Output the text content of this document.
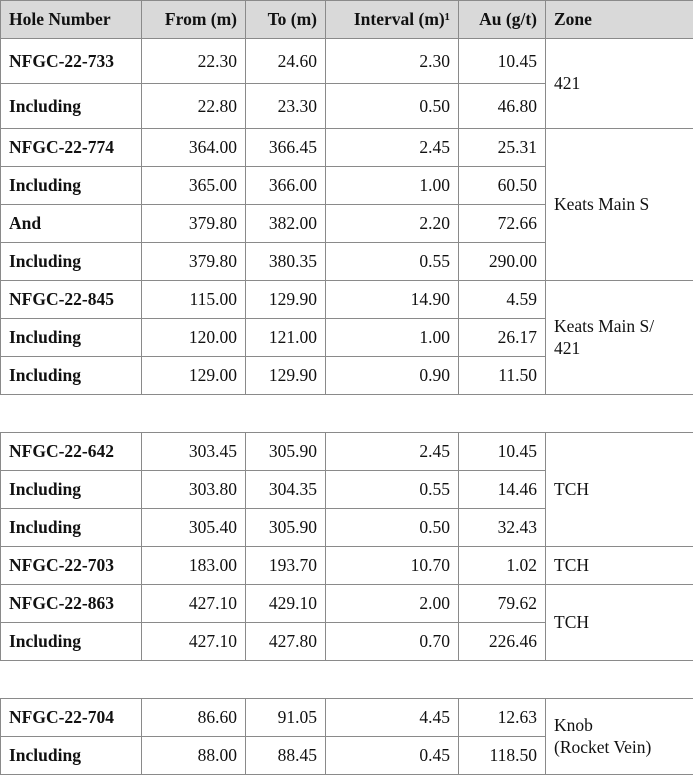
Hole Number	From (m)	To (m)	Interval (m)¹	Au (g/t)	Zone
NFGC-22-733	22.30	24.60	2.30	10.45	421
Including	22.80	23.30	0.50	46.80	
NFGC-22-774	364.00	366.45	2.45	25.31	Keats Main S
Including	365.00	366.00	1.00	60.50	
And	379.80	382.00	2.20	72.66	
Including	379.80	380.35	0.55	290.00	
NFGC-22-845	115.00	129.90	14.90	4.59	Keats Main S/
421
Including	120.00	121.00	1.00	26.17	
Including	129.00	129.90	0.90	11.50	

NFGC-22-642	303.45	305.90	2.45	10.45	TCH
Including	303.80	304.35	0.55	14.46	
Including	305.40	305.90	0.50	32.43	
NFGC-22-703	183.00	193.70	10.70	1.02	TCH
NFGC-22-863	427.10	429.10	2.00	79.62	TCH
Including	427.10	427.80	0.70	226.46	

NFGC-22-704	86.60	91.05	4.45	12.63	Knob
(Rocket Vein)
Including	88.00	88.45	0.45	118.50	
